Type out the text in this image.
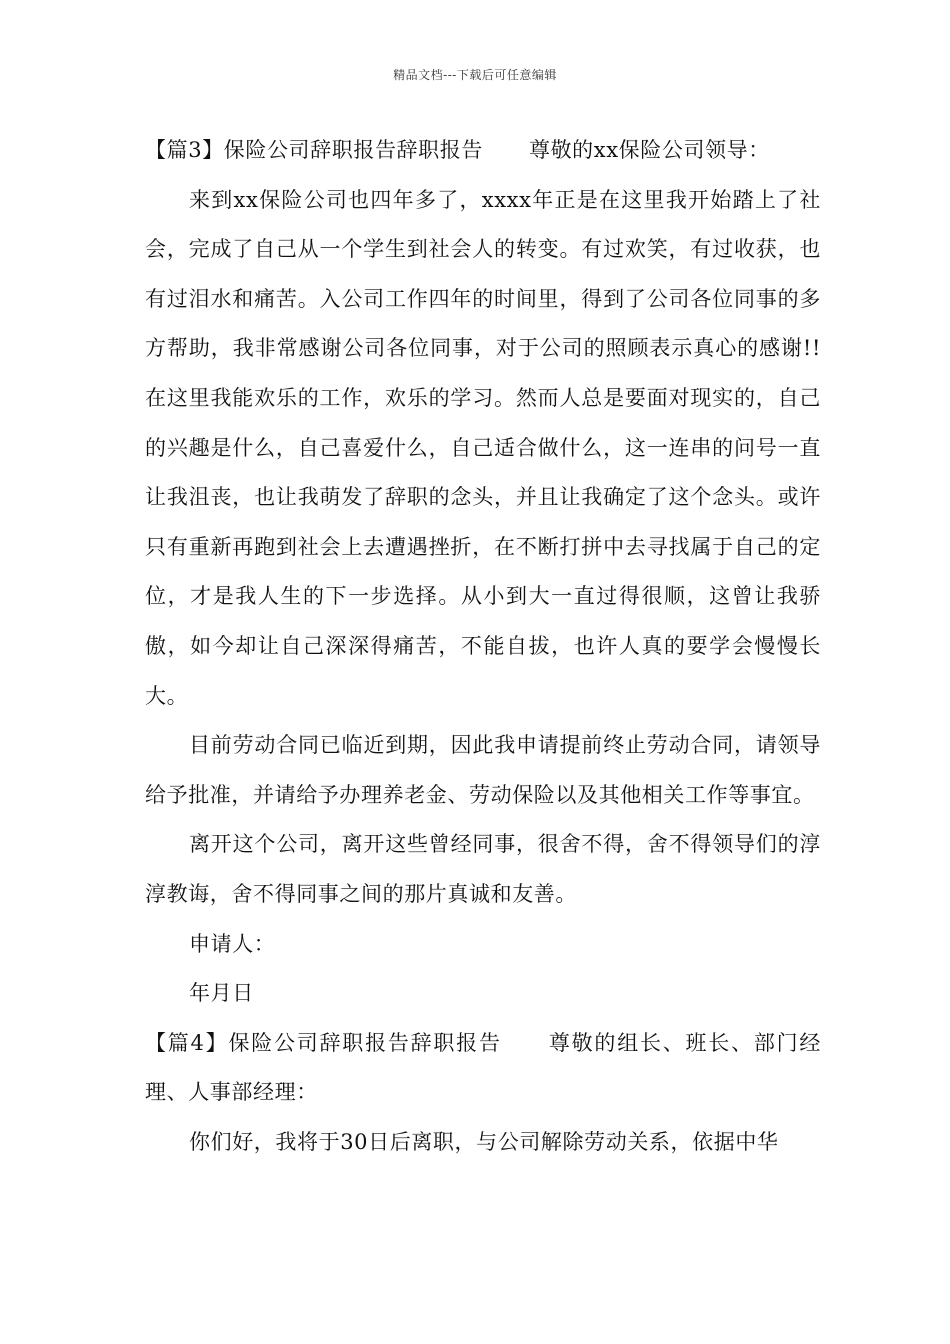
精品文档---下载后可任意编辑

【篇3】保险公司辞职报告辞职报告 尊敬的xx保险公司领导：

来到xx保险公司也四年多了，xxxx年正是在这里我开始踏上了社会，完成了自己从一个学生到社会人的转变。有过欢笑，有过收获，也有过泪水和痛苦。入公司工作四年的时间里，得到了公司各位同事的多方帮助，我非常感谢公司各位同事，对于公司的照顾表示真心的感谢!!在这里我能欢乐的工作，欢乐的学习。然而人总是要面对现实的，自己的兴趣是什么，自己喜爱什么，自己适合做什么，这一连串的问号一直让我沮丧，也让我萌发了辞职的念头，并且让我确定了这个念头。或许只有重新再跑到社会上去遭遇挫折，在不断打拼中去寻找属于自己的定位，才是我人生的下一步选择。从小到大一直过得很顺，这曾让我骄傲，如今却让自己深深得痛苦，不能自拔，也许人真的要学会慢慢长大。

目前劳动合同已临近到期，因此我申请提前终止劳动合同，请领导给予批准，并请给予办理养老金、劳动保险以及其他相关工作等事宜。

离开这个公司，离开这些曾经同事，很舍不得，舍不得领导们的淳淳教诲，舍不得同事之间的那片真诚和友善。

申请人：

年月日

【篇4】保险公司辞职报告辞职报告 尊敬的组长、班长、部门经理、人事部经理：

你们好，我将于30日后离职，与公司解除劳动关系，依据中华
